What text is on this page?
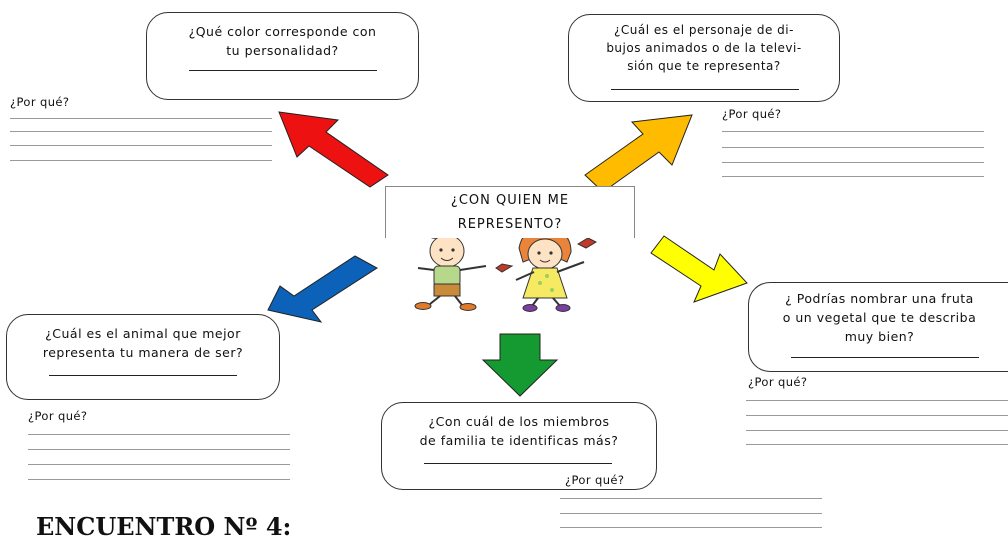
¿CON QUIEN ME
REPRESENTO?
¿Qué color corresponde con
tu personalidad?
¿Por qué?
¿Cuál es el personaje de di-
bujos animados o de la televi-
sión que te representa?
¿Por qué?
¿Cuál es el animal que mejor
representa tu manera de ser?
¿Por qué?	¿Con cuál de los miembros
de familia te identificas más?
¿Por qué?
¿ Podrías nombrar una fruta
o un vegetal que te describa
muy bien?
¿Por qué?
ENCUENTRO Nº 4:
